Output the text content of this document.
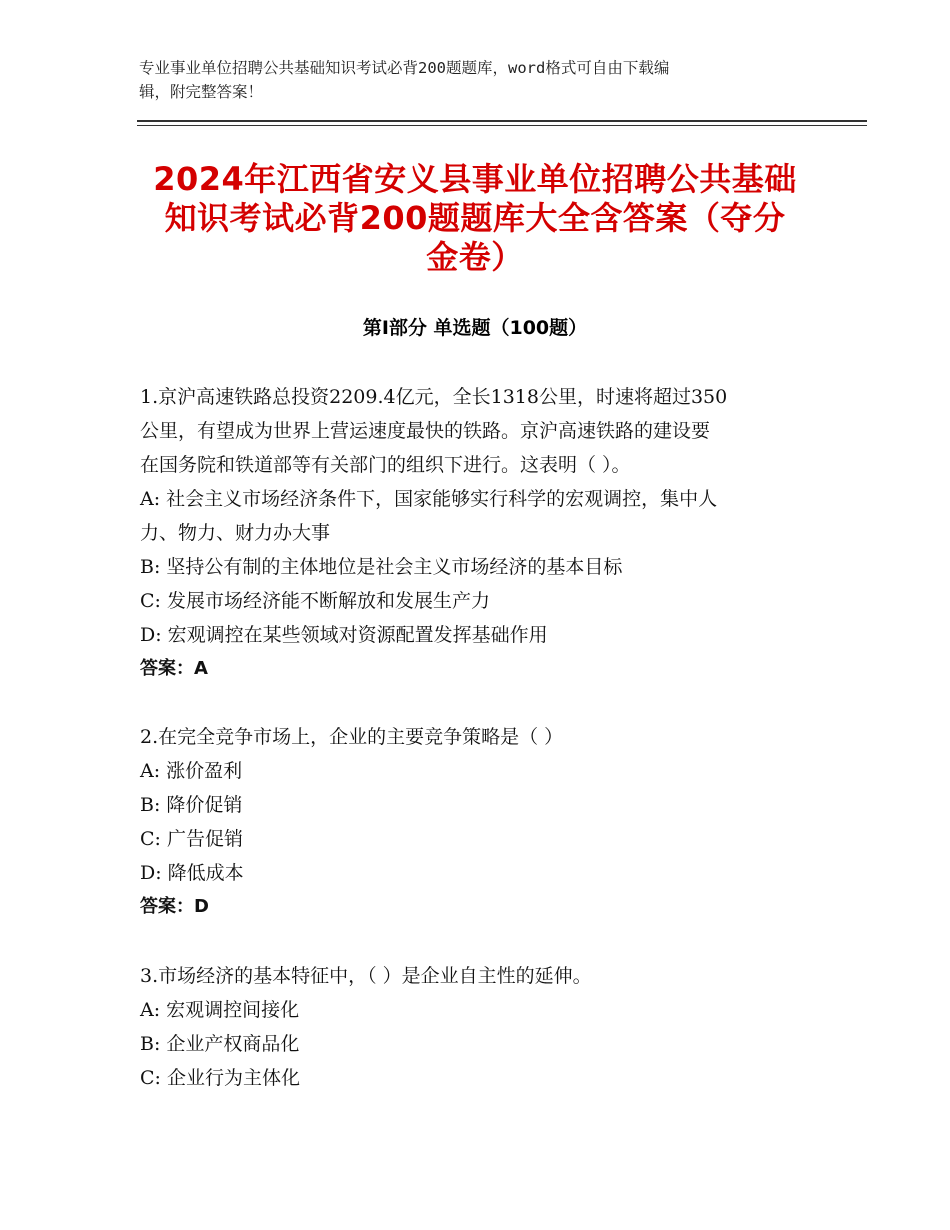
专业事业单位招聘公共基础知识考试必背200题题库，word格式可自由下载编
辑，附完整答案！
2024年江西省安义县事业单位招聘公共基础
知识考试必背200题题库大全含答案（夺分
金卷）
第Ⅰ部分 单选题（100题）
1.京沪高速铁路总投资2209.4亿元，全长1318公里，时速将超过350
公里，有望成为世界上营运速度最快的铁路。京沪高速铁路的建设要
在国务院和铁道部等有关部门的组织下进行。这表明（ ）。
A: 社会主义市场经济条件下，国家能够实行科学的宏观调控，集中人
力、物力、财力办大事
B: 坚持公有制的主体地位是社会主义市场经济的基本目标
C: 发展市场经济能不断解放和发展生产力
D: 宏观调控在某些领域对资源配置发挥基础作用
答案：A
2.在完全竞争市场上，企业的主要竞争策略是（ ）
A: 涨价盈利
B: 降价促销
C: 广告促销
D: 降低成本
答案：D
3.市场经济的基本特征中，（ ）是企业自主性的延伸。
A: 宏观调控间接化
B: 企业产权商品化
C: 企业行为主体化
